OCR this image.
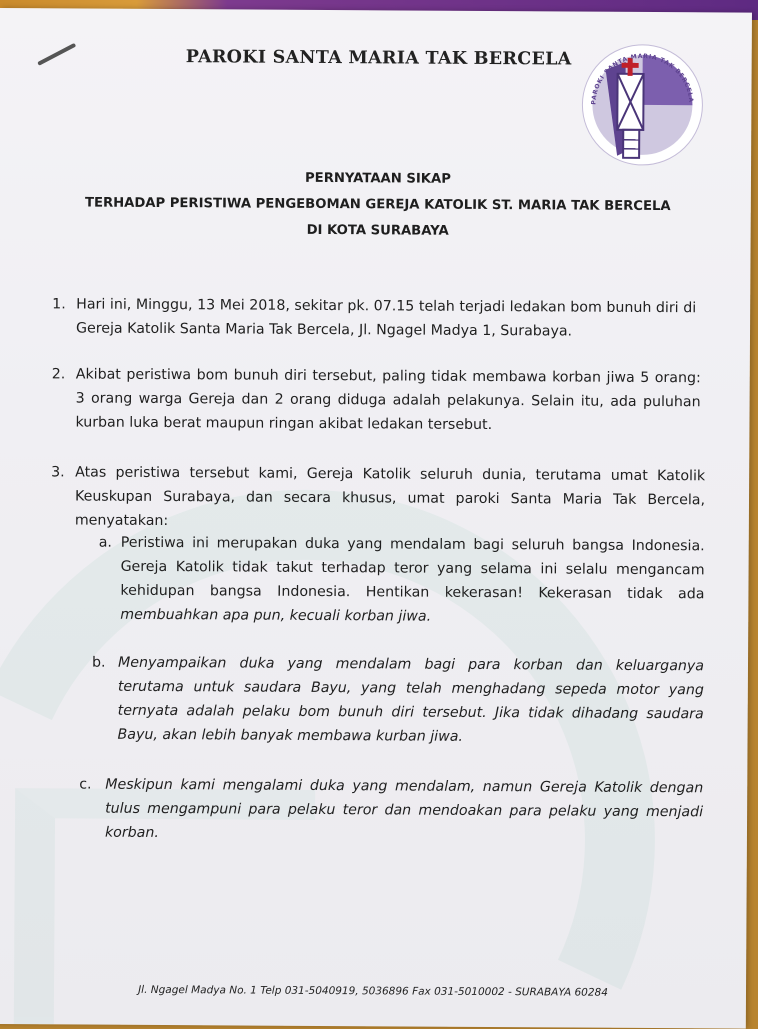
PAROKI SANTA MARIA TAK BERCELA
PAROKI SANTA MARIA TAK BERCELA
PERNYATAAN SIKAP
TERHADAP PERISTIWA PENGEBOMAN GEREJA KATOLIK ST. MARIA TAK BERCELA
DI KOTA SURABAYA
1. Hari ini, Minggu, 13 Mei 2018, sekitar pk. 07.15 telah terjadi ledakan bom bunuh diri di Gereja Katolik Santa Maria Tak Bercela, Jl. Ngagel Madya 1, Surabaya.
2. Akibat peristiwa bom bunuh diri tersebut, paling tidak membawa korban jiwa 5 orang: 3 orang warga Gereja dan 2 orang diduga adalah pelakunya. Selain itu, ada puluhan kurban luka berat maupun ringan akibat ledakan tersebut.
3. Atas peristiwa tersebut kami, Gereja Katolik seluruh dunia, terutama umat Katolik Keuskupan Surabaya, dan secara khusus, umat paroki Santa Maria Tak Bercela, menyatakan:
a. Peristiwa ini merupakan duka yang mendalam bagi seluruh bangsa Indonesia. Gereja Katolik tidak takut terhadap teror yang selama ini selalu mengancam kehidupan bangsa Indonesia. Hentikan kekerasan! Kekerasan tidak ada membuahkan apa pun, kecuali korban jiwa.
b. Menyampaikan duka yang mendalam bagi para korban dan keluarganya terutama untuk saudara Bayu, yang telah menghadang sepeda motor yang ternyata adalah pelaku bom bunuh diri tersebut. Jika tidak dihadang saudara Bayu, akan lebih banyak membawa kurban jiwa.
c. Meskipun kami mengalami duka yang mendalam, namun Gereja Katolik dengan tulus mengampuni para pelaku teror dan mendoakan para pelaku yang menjadi korban.
Jl. Ngagel Madya No. 1 Telp 031-5040919, 5036896 Fax 031-5010002 - SURABAYA 60284
